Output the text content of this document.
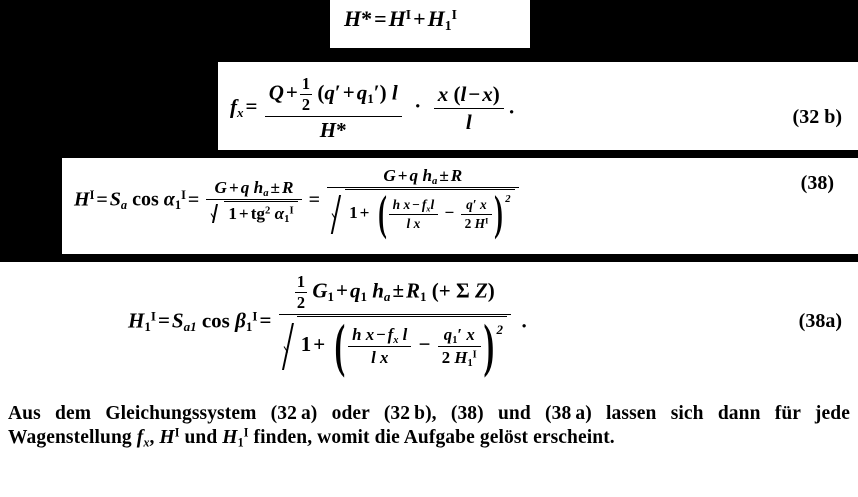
$H*=H^I+H_1^I$
$f_x= \frac{Q+ \frac{1}{2} (q'+q_1') l}{H*} \cdot \frac{x (l-x)}{l}$ .	(32 b)
$H^I = S_a$ $\cos \alpha_1^I = \frac{G + q h_a \pm R}{1 + tg^2 \alpha_1^I}$ =
G + q $h_a \pm R$
1 + ( $\frac{h x - f_xl}{\text{l x}} - \frac{q' x}{2 H^I}$ ) 2
(38)
$H_1^I=S_{a1}$ $\cos \beta_1^I=$
$\frac{1}{2} G_1+q_1$ $h_a\pm R_1$ (+ Σ Z)
1+ ( $\frac{h x - f_x l}{\text{l x}} - \frac{q_1' x}{2 H_1^I}$ ) 2 .	(38a)
Aus dem Gleichungssystem (32 a) oder (32 b), (38) und (38 a) lassen sich dann für jede Wagenstellung $f_x$, $H^I$ und $H_1^I$ finden, womit die Aufgabe gelöst erscheint.
